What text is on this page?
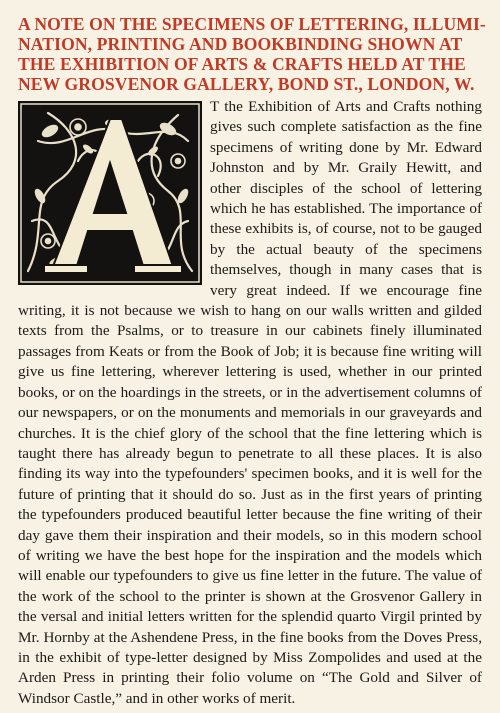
A NOTE ON THE SPECIMENS OF LETTERING, ILLUMI-
NATION, PRINTING AND BOOKBINDING SHOWN AT
THE EXHIBITION OF ARTS & CRAFTS HELD AT THE
NEW GROSVENOR GALLERY, BOND ST., LONDON, W.
T the Exhibition of Arts and Crafts nothing gives such complete satisfaction as the fine specimens of writing done by Mr. Edward Johnston and by Mr. Graily Hewitt, and other disciples of the school of lettering which he has established. The importance of these exhibits is, of course, not to be gauged by the actual beauty of the specimens themselves, though in many cases that is very great indeed. If we encourage fine writing, it is not because we wish to hang on our walls written and gilded texts from the Psalms, or to treasure in our cabinets finely illuminated passages from Keats or from the Book of Job; it is because fine writing will give us fine lettering, wherever lettering is used, whether in our printed books, or on the hoardings in the streets, or in the advertisement columns of our newspapers, or on the monuments and memorials in our graveyards and churches. It is the chief glory of the school that the fine lettering which is taught there has already begun to penetrate to all these places. It is also finding its way into the typefounders' specimen books, and it is well for the future of printing that it should do so. Just as in the first years of printing the typefounders produced beautiful letter because the fine writing of their day gave them their inspiration and their models, so in this modern school of writing we have the best hope for the inspiration and the models which will enable our typefounders to give us fine letter in the future. The value of the work of the school to the printer is shown at the Grosvenor Gallery in the versal and initial letters written for the splendid quarto Virgil printed by Mr. Hornby at the Ashendene Press, in the fine books from the Doves Press, in the exhibit of type-letter designed by Miss Zompolides and used at the Arden Press in printing their folio volume on “The Gold and Silver of Windsor Castle,” and in other works of merit.
